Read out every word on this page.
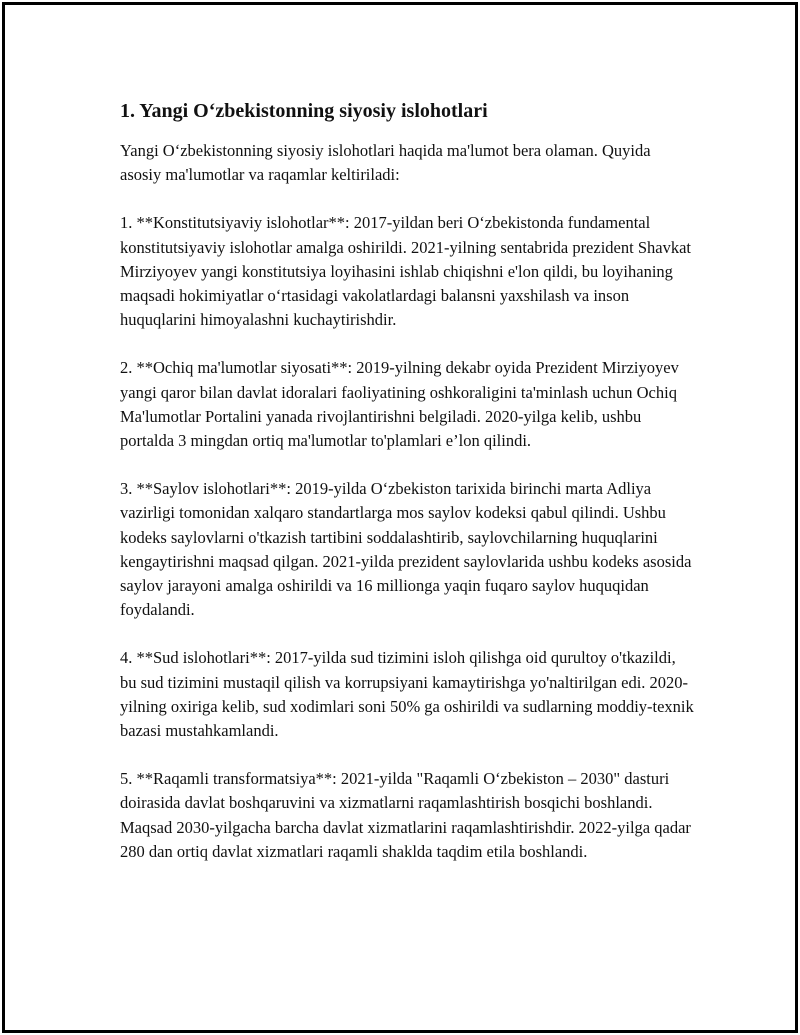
1. Yangi O‘zbekistonning siyosiy islohotlari

Yangi O‘zbekistonning siyosiy islohotlari haqida ma'lumot bera olaman. Quyida asosiy ma'lumotlar va raqamlar keltiriladi:

1. **Konstitutsiyaviy islohotlar**: 2017-yildan beri O‘zbekistonda fundamental konstitutsiyaviy islohotlar amalga oshirildi. 2021-yilning sentabrida prezident Shavkat Mirziyoyev yangi konstitutsiya loyihasini ishlab chiqishni e'lon qildi, bu loyihaning maqsadi hokimiyatlar o‘rtasidagi vakolatlardagi balansni yaxshilash va inson huquqlarini himoyalashni kuchaytirishdir.

2. **Ochiq ma'lumotlar siyosati**: 2019-yilning dekabr oyida Prezident Mirziyoyev yangi qaror bilan davlat idoralari faoliyatining oshkoraligini ta'minlash uchun Ochiq Ma'lumotlar Portalini yanada rivojlantirishni belgiladi. 2020-yilga kelib, ushbu portalda 3 mingdan ortiq ma'lumotlar to'plamlari e’lon qilindi.

3. **Saylov islohotlari**: 2019-yilda O‘zbekiston tarixida birinchi marta Adliya vazirligi tomonidan xalqaro standartlarga mos saylov kodeksi qabul qilindi. Ushbu kodeks saylovlarni o'tkazish tartibini soddalashtirib, saylovchilarning huquqlarini kengaytirishni maqsad qilgan. 2021-yilda prezident saylovlarida ushbu kodeks asosida saylov jarayoni amalga oshirildi va 16 millionga yaqin fuqaro saylov huquqidan foydalandi.

4. **Sud islohotlari**: 2017-yilda sud tizimini isloh qilishga oid qurultoy o'tkazildi, bu sud tizimini mustaqil qilish va korrupsiyani kamaytirishga yo'naltirilgan edi. 2020-yilning oxiriga kelib, sud xodimlari soni 50% ga oshirildi va sudlarning moddiy-texnik bazasi mustahkamlandi.

5. **Raqamli transformatsiya**: 2021-yilda "Raqamli O‘zbekiston – 2030" dasturi doirasida davlat boshqaruvini va xizmatlarni raqamlashtirish bosqichi boshlandi. Maqsad 2030-yilgacha barcha davlat xizmatlarini raqamlashtirishdir. 2022-yilga qadar 280 dan ortiq davlat xizmatlari raqamli shaklda taqdim etila boshlandi.
